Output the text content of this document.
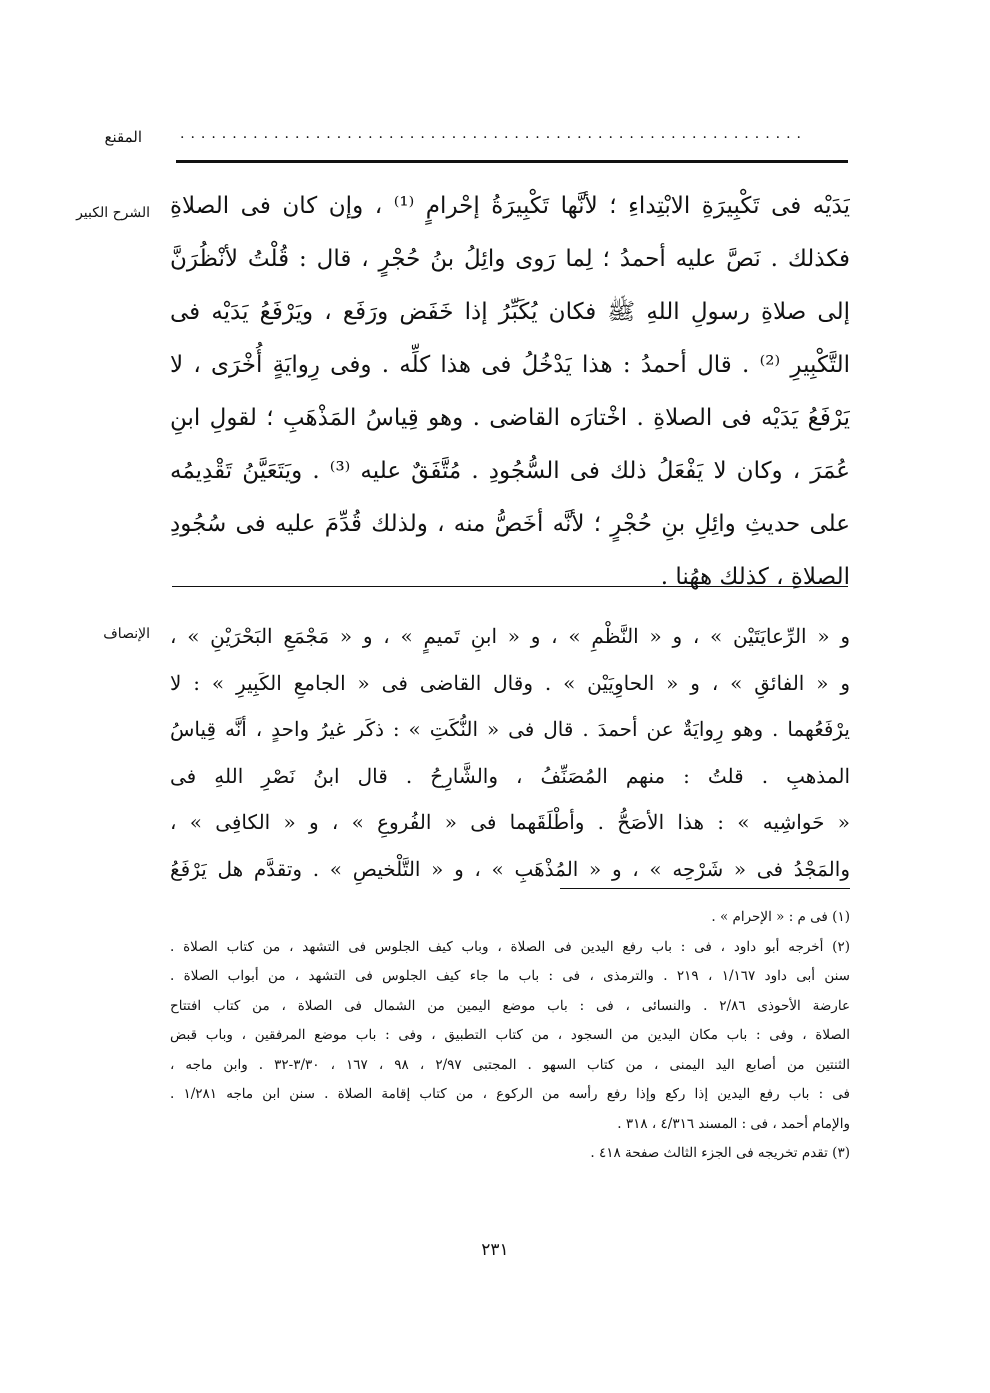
المقنع	............................................................
الشرح الكبير يَدَيْه فى تَكْبِيرَةِ الابْتِداءِ ؛ لأنَّها تَكْبِيرَةُ إحْرامٍ ⁽¹⁾ ، وإن كان فى الصلاةِ
فكذلك . نَصَّ عليه أحمدُ ؛ لِما رَوى وائِلُ بنُ حُجْرٍ ، قال : قُلْتُ لأنْظُرَنَّ
إلى صلاةِ رسولِ اللهِ ﷺ فكان يُكَبِّرُ إذا خَفَض ورَفَع ، ويَرْفَعُ يَدَيْه فى
التَّكْبِيرِ ⁽²⁾ . قال أحمدُ : هذا يَدْخُلُ فى هذا كلِّه . وفى رِوايَةٍ أُخْرَى ، لا
يَرْفَعُ يَدَيْه فى الصلاةِ . اخْتارَه القاضى . وهو قِياسُ المَذْهَبِ ؛ لقولِ ابنِ
عُمَرَ ، وكان لا يَفْعَلُ ذلك فى السُّجُودِ . مُتَّفَقٌ عليه ⁽³⁾ . ويَتَعَيَّنُ تَقْدِيمُه
على حديثِ وائِلِ بنِ حُجْرٍ ؛ لأنَّه أخَصُّ منه ، ولذلك قُدِّمَ عليه فى سُجُودِ
الصلاةِ ، كذلك ههُنا .
الإنصاف و « الرِّعايَتَيْن » ، و « النَّظْمِ » ، و « ابنِ تَميمٍ » ، و « مَجْمَعِ البَحْرَيْنِ » ،
و « الفائقِ » ، و « الحاوِيَيْن » . وقال القاضى فى « الجامعِ الكَبِيرِ » : لا
يرْفَعُهما . وهو رِوايَةٌ عن أحمدَ . قال فى « النُّكَتِ » : ذكَر غيرُ واحدٍ ، أنَّه قِياسُ
المذهبِ . قلتُ : منهم المُصَنِّفُ ، والشَّارِحُ . قال ابنُ نَصْرِ اللهِ فى
« حَواشِيه » : هذا الأصَحُّ . وأطْلَقَهما فى « الفُروعِ » ، و « الكافِى » ،
والمَجْدُ فى « شَرْحِه » ، و « المُذْهَبِ » ، و « التَّلْخيصِ » . وتقدَّم هل يَرْفَعُ
(١) فى م : « الإحرام » .
(٢) أخرجه أبو داود ، فى : باب رفع اليدين فى الصلاة ، وباب كيف الجلوس فى التشهد ، من كتاب الصلاة .
سنن أبى داود ١/١٦٧ ، ٢١٩ . والترمذى ، فى : باب ما جاء كيف الجلوس فى التشهد ، من أبواب الصلاة .
عارضة الأحوذى ٢/٨٦ . والنسائى ، فى : باب موضع اليمين من الشمال فى الصلاة ، من كتاب افتتاح
الصلاة ، وفى : باب مكان اليدين من السجود ، من كتاب التطبيق ، وفى : باب موضع المرفقين ، وباب قبض
الثنتين من أصابع اليد اليمنى ، من كتاب السهو . المجتبى ٢/٩٧ ، ٩٨ ، ١٦٧ ، ٣/٣٠-٣٢ . وابن ماجه ،
فى : باب رفع اليدين إذا ركع وإذا رفع رأسه من الركوع ، من كتاب إقامة الصلاة . سنن ابن ماجه ١/٢٨١ .
والإمام أحمد ، فى : المسند ٤/٣١٦ ، ٣١٨ .
(٣) تقدم تخريجه فى الجزء الثالث صفحة ٤١٨ .
٢٣١
